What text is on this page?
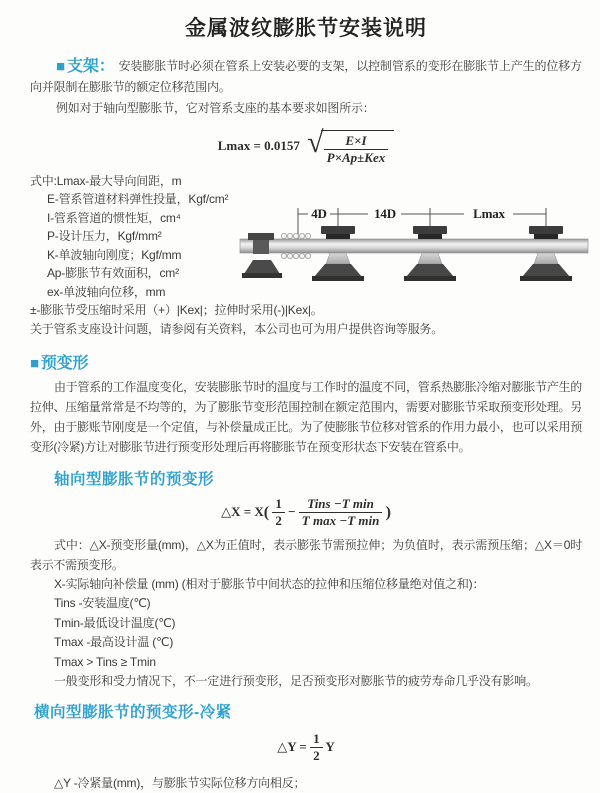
金属波纹膨胀节安装说明
■ 支架： 安装膨胀节时必须在管系上安装必要的支架，以控制管系的变形在膨胀节上产生的位移方向并限制在膨胀节的额定位移范围内。
例如对于轴向型膨胀节，它对管系支座的基本要求如图所示：
Lmax = 0.0157 √ $\frac{E\times I}{\text{P×Ap±Kex}}$
式中:Lmax-最大导向间距，m
E-管系管道材料弹性投量，Kgf/cm²
I-管系管道的惯性矩，cm⁴
P-设计压力，Kgf/mm²
K-单波轴向刚度；Kgf/mm
Ap-膨胀节有效面积，cm²
ex-单波轴向位移，mm
4D	14D	Lmax
±-膨胀节受压缩时采用（+）|Kex|；拉伸时采用(-)|Kex|。
关于管系支座设计问题，请参阅有关资料，本公司也可为用户提供咨询等服务。
■ 预变形
由于管系的工作温度变化，安装膨胀节时的温度与工作时的温度不同，管系热膨胀冷缩对膨胀节产生的拉伸、压缩量常常是不均等的，为了膨胀节变形范围控制在额定范围内，需要对膨胀节采取预变形处理。另外，由于膨账节刚度是一个定值，与补偿量成正比。为了使膨胀节位移对管系的作用力最小，也可以采用预变形(冷紧)方让对膨胀节进行预变形处理后再将膨胀节在预变形状态下安装在管系中。
轴向型膨胀节的预变形
△X = $X( \frac{1}{2} - \frac{\text{Tins −T min}}{\text{T max −T min}}$ )
式中：△X-预变形量(mm)，△X为正值时，表示膨张节需预拉伸；为负值时，表示需预压缩；△X＝0时表示不需预变形。
X-实际轴向补偿量 (mm) (相对于膨胀节中间状态的拉伸和压缩位移量绝对值之和)：
Tins -安装温度(℃)
Tmin-最低设计温度(℃)
Tmax -最高设计温 (℃)
Tmax > Tins ≥ Tmin
一般变形和受力情况下，不一定进行预变形，足否预变形对膨胀节的疲劳寿命几乎没有影响。
横向型膨胀节的预变形-冷紧
△Y = $\frac{1}{2}$ Y
△Y -冷紧量(mm)，与膨胀节实际位移方向相反；
